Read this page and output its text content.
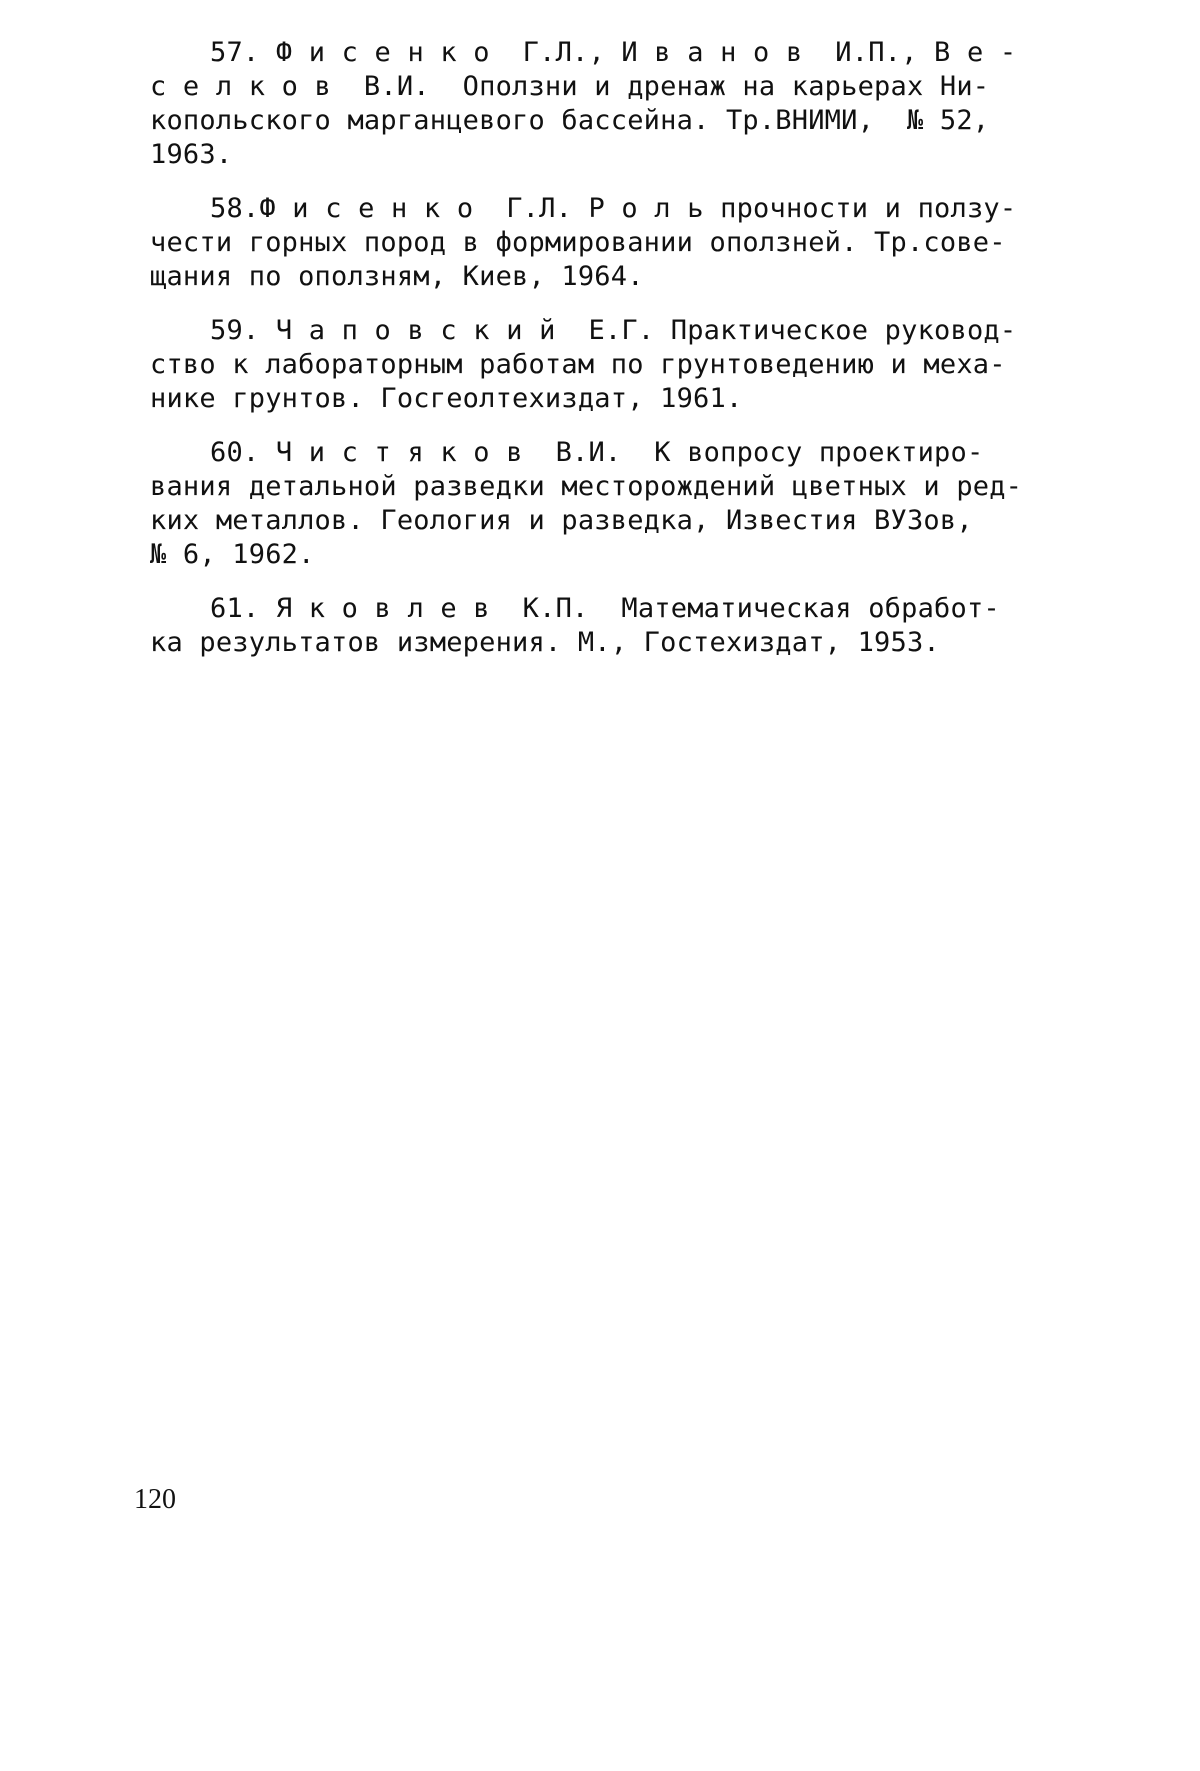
57. Ф и с е н к о  Г.Л., И в а н о в  И.П., В е -
с е л к о в  В.И.  Оползни и дренаж на карьерах Ни-
копольского марганцевого бассейна. Тр.ВНИМИ,  № 52,
1963.
58.Ф и с е н к о  Г.Л. Р о л ь прочности и ползу-
чести горных пород в формировании оползней. Тр.сове-
щания по оползням, Киев, 1964.
59. Ч а п о в с к и й  Е.Г. Практическое руковод-
ство к лабораторным работам по грунтоведению и меха-
нике грунтов. Госгеолтехиздат, 1961.
60. Ч и с т я к о в  В.И.  К вопросу проектиро-
вания детальной разведки месторождений цветных и ред-
ких металлов. Геология и разведка, Известия ВУЗов,
№ 6, 1962.
61. Я к о в л е в  К.П.  Математическая обработ-
ка результатов измерения. М., Гостехиздат, 1953.
120
